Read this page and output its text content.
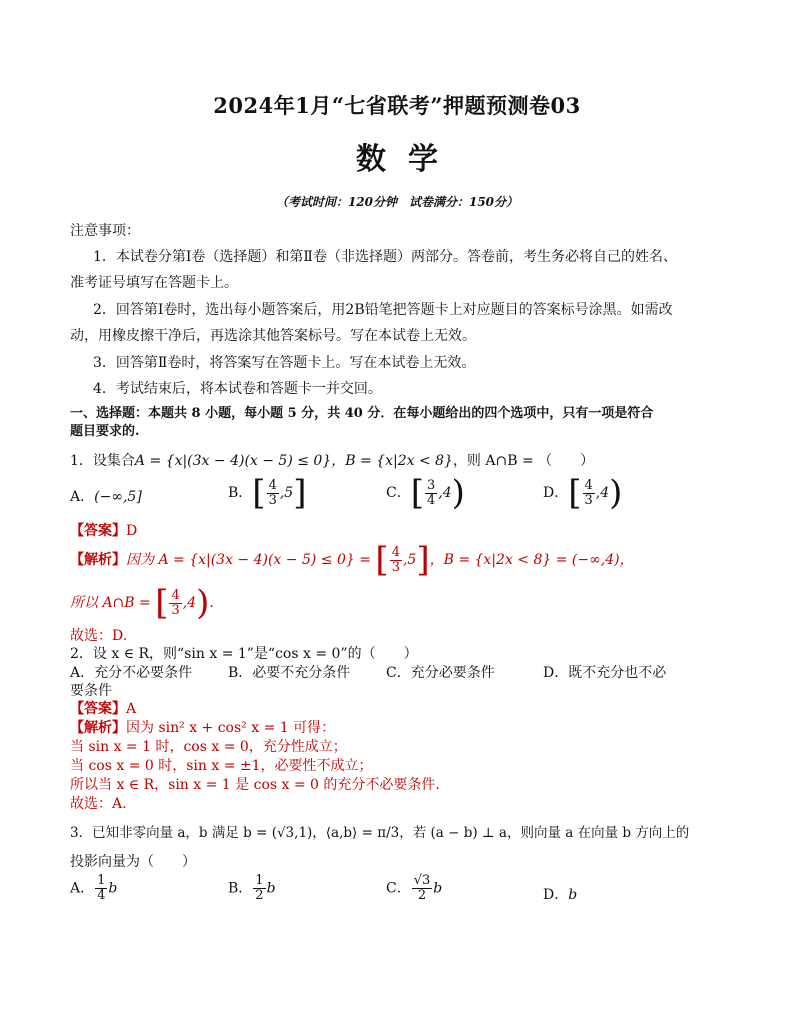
2024年1月“七省联考”押题预测卷03
数学
（考试时间：120分钟　试卷满分：150分）
注意事项：
1．本试卷分第Ⅰ卷（选择题）和第Ⅱ卷（非选择题）两部分。答卷前，考生务必将自己的姓名、
准考证号填写在答题卡上。
2．回答第Ⅰ卷时，选出每小题答案后，用2B铅笔把答题卡上对应题目的答案标号涂黑。如需改
动，用橡皮擦干净后，再选涂其他答案标号。写在本试卷上无效。
3．回答第Ⅱ卷时，将答案写在答题卡上。写在本试卷上无效。
4．考试结束后，将本试卷和答题卡一并交回。
一、选择题：本题共 8 小题，每小题 5 分，共 40 分．在每小题给出的四个选项中，只有一项是符合
题目要求的.
1．设集合A = {x|(3x − 4)(x − 5) ≤ 0}，B = {x|2x < 8}，则 A∩B = （　　）
A．(−∞,5]	B．[ $\frac{4}{3} ,5$]	C．[ $\frac{3}{4} ,4$)	D．[ $\frac{4}{3} ,4$)
【答案】D
【解析】因为 A = {x|(3x − 4)(x − 5) ≤ 0} = [ $\frac{4}{3} ,5$]，B = {x|2x < 8} = (−∞,4)，
所以 A∩B = [ $\frac{4}{3} ,4$).
故选：D.
2．设 x ∈ R，则“sin x = 1”是“cos x = 0”的（　　）
A．充分不必要条件	B．必要不充分条件	C．充分必要条件	D．既不充分也不必
要条件
【答案】A
【解析】因为 sin² x + cos² x = 1 可得：
当 sin x = 1 时，cos x = 0，充分性成立；
当 cos x = 0 时，sin x = ±1，必要性不成立；
所以当 x ∈ R，sin x = 1 是 cos x = 0 的充分不必要条件.
故选：A.
3．已知非零向量 a，b 满足 b = (√3,1)，⟨a,b⟩ = π/3，若 (a − b) ⊥ a，则向量 a 在向量 b 方向上的
投影向量为（　　）
A． $\frac{1}{4}$ b	B． $\frac{1}{2}$ b	C． $\frac{√3}{2}$ b	D．b
